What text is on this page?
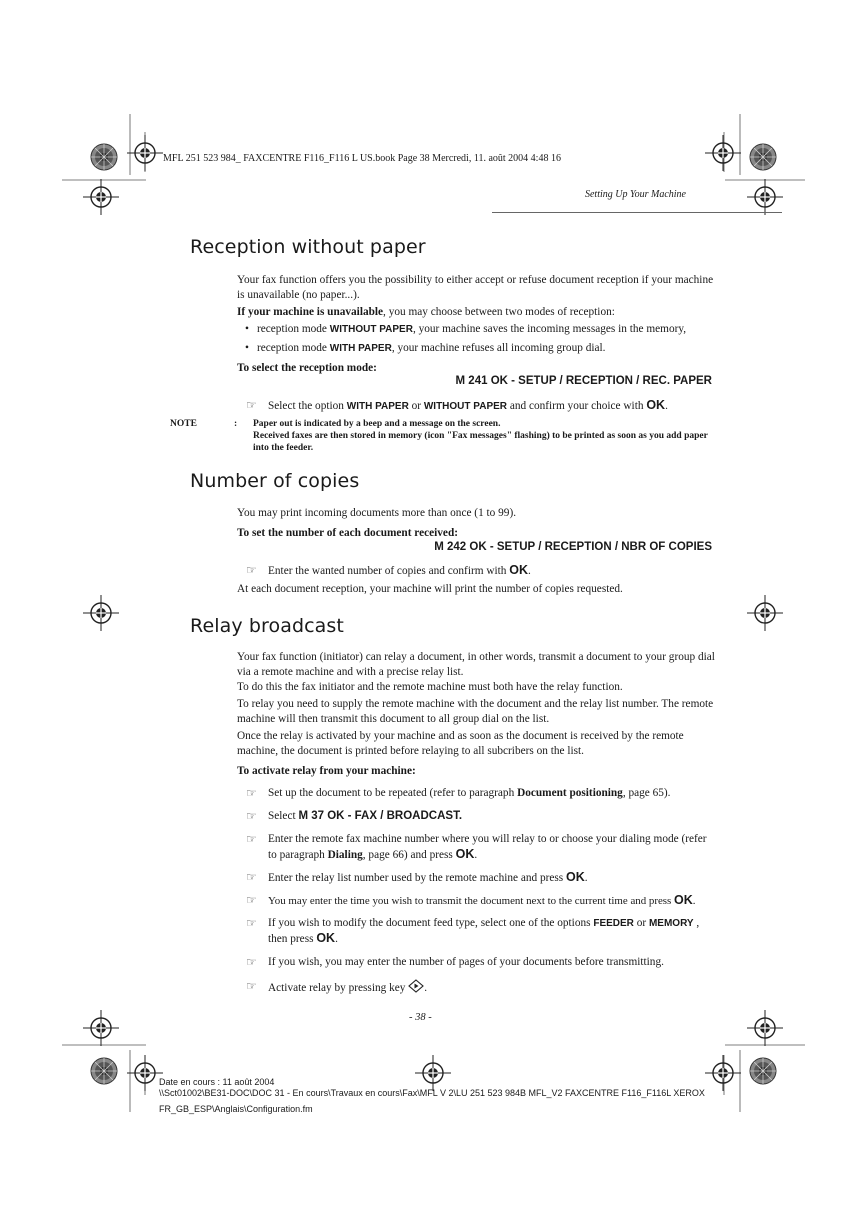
MFL 251 523 984_ FAXCENTRE F116_F116 L US.book Page 38 Mercredi, 11. août 2004 4:48 16
Setting Up Your Machine
Reception without paper
Your fax function offers you the possibility to either accept or refuse document reception if your machine is unavailable (no paper...).
If your machine is unavailable, you may choose between two modes of reception:
• reception mode WITHOUT PAPER, your machine saves the incoming messages in the memory,
• reception mode WITH PAPER, your machine refuses all incoming group dial.
To select the reception mode:
M 241 OK - SETUP / RECEPTION / REC. PAPER
☞ Select the option WITH PAPER or WITHOUT PAPER and confirm your choice with OK.
NOTE	: Paper out is indicated by a beep and a message on the screen.
Received faxes are then stored in memory (icon "Fax messages" flashing) to be printed as soon as you add paper into the feeder.
Number of copies
You may print incoming documents more than once (1 to 99).
To set the number of each document received:
M 242 OK - SETUP / RECEPTION / NBR OF COPIES
☞ Enter the wanted number of copies and confirm with OK.
At each document reception, your machine will print the number of copies requested.
Relay broadcast
Your fax function (initiator) can relay a document, in other words, transmit a document to your group dial via a remote machine and with a precise relay list.
To do this the fax initiator and the remote machine must both have the relay function.
To relay you need to supply the remote machine with the document and the relay list number. The remote machine will then transmit this document to all group dial on the list.
Once the relay is activated by your machine and as soon as the document is received by the remote machine, the document is printed before relaying to all subcribers on the list.
To activate relay from your machine:
☞ Set up the document to be repeated (refer to paragraph Document positioning, page 65).
☞ Select M 37 OK - FAX / BROADCAST.
☞ Enter the remote fax machine number where you will relay to or choose your dialing mode (refer to paragraph Dialing, page 66) and press OK.
☞ Enter the relay list number used by the remote machine and press OK.
☞	You may enter the time you wish to transmit the document next to the current time and press OK.
☞ If you wish to modify the document feed type, select one of the options FEEDER or MEMORY , then press OK.
☞ If you wish, you may enter the number of pages of your documents before transmitting.
☞ Activate relay by pressing key .
- 38 -
Date en cours : 11 août 2004
\\Sct01002\BE31-DOC\DOC 31 - En cours\Travaux en cours\Fax\MFL V 2\LU 251 523 984B MFL_V2 FAXCENTRE F116_F116L XEROX
FR_GB_ESP\Anglais\Configuration.fm
